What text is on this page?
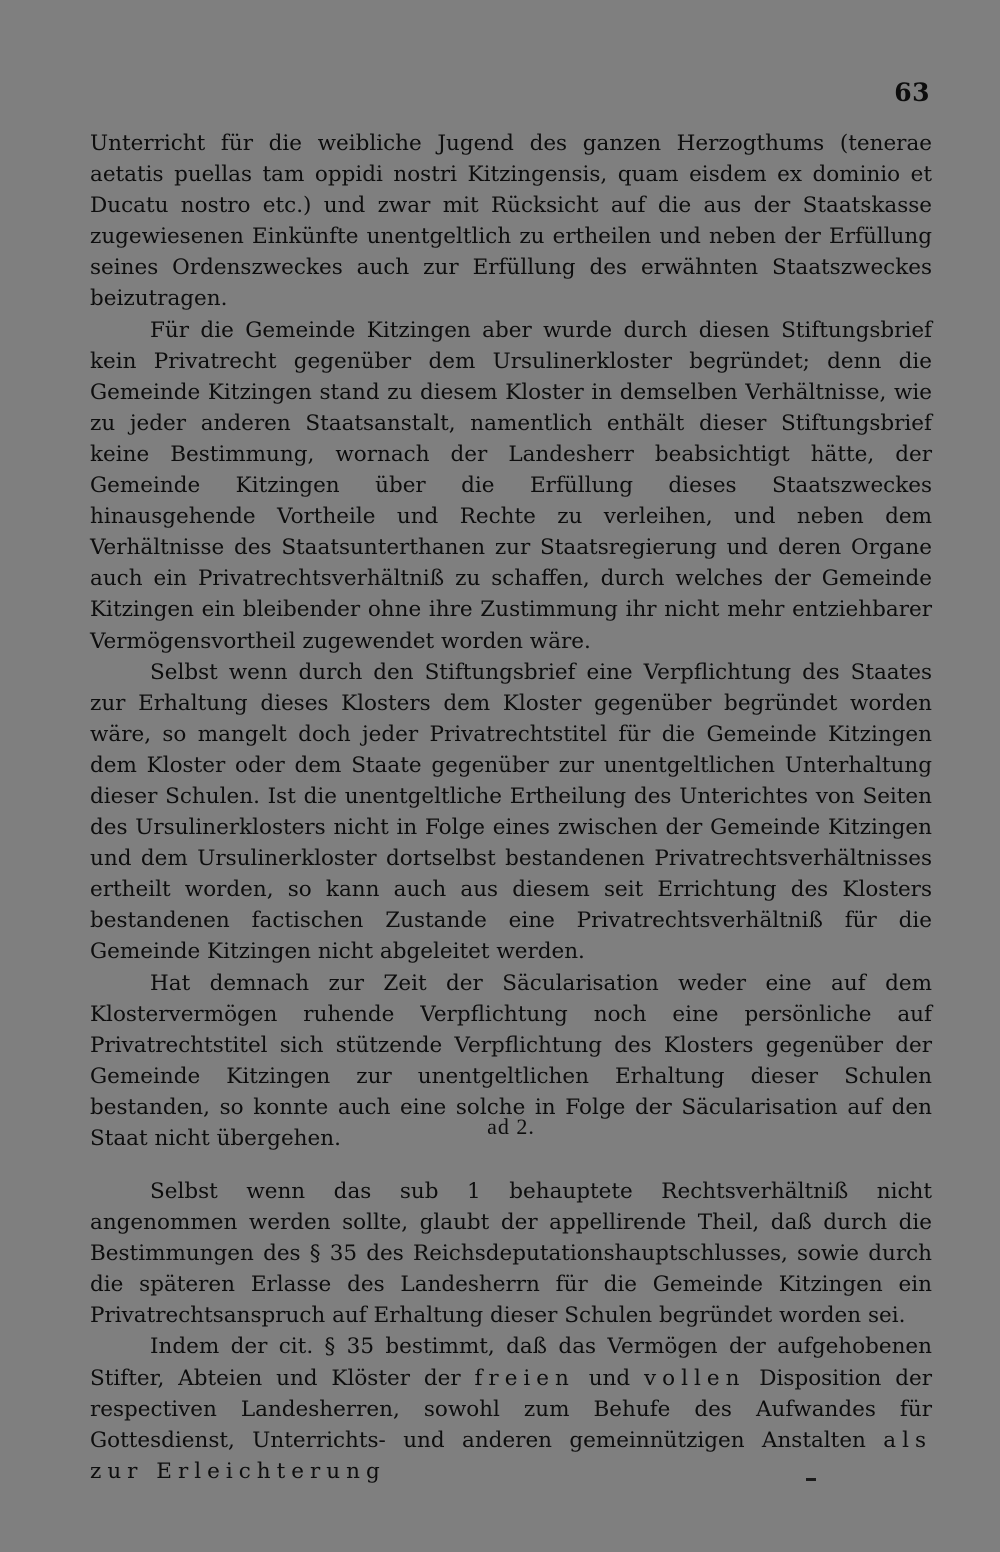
63

Unterricht für die weibliche Jugend des ganzen Herzogthums (tenerae aetatis puellas tam oppidi nostri Kitzingensis, quam eisdem ex dominio et Ducatu nostro etc.) und zwar mit Rücksicht auf die aus der Staatskasse zugewiesenen Einkünfte unentgeltlich zu ertheilen und neben der Erfüllung seines Ordenszweckes auch zur Erfüllung des erwähnten Staatszweckes beizutragen.

Für die Gemeinde Kitzingen aber wurde durch diesen Stiftungsbrief kein Privatrecht gegenüber dem Ursulinerkloster begründet; denn die Gemeinde Kitzingen stand zu diesem Kloster in demselben Verhältnisse, wie zu jeder anderen Staatsanstalt, namentlich enthält dieser Stiftungsbrief keine Bestimmung, wornach der Landesherr beabsichtigt hätte, der Gemeinde Kitzingen über die Erfüllung dieses Staatszweckes hinausgehende Vortheile und Rechte zu verleihen, und neben dem Verhältnisse des Staatsunterthanen zur Staatsregierung und deren Organe auch ein Privatrechtsverhältniß zu schaffen, durch welches der Gemeinde Kitzingen ein bleibender ohne ihre Zustimmung ihr nicht mehr entziehbarer Vermögensvortheil zugewendet worden wäre.

Selbst wenn durch den Stiftungsbrief eine Verpflichtung des Staates zur Erhaltung dieses Klosters dem Kloster gegenüber begründet worden wäre, so mangelt doch jeder Privatrechtstitel für die Gemeinde Kitzingen dem Kloster oder dem Staate gegenüber zur unentgeltlichen Unterhaltung dieser Schulen. Ist die unentgeltliche Ertheilung des Unterichtes von Seiten des Ursulinerklosters nicht in Folge eines zwischen der Gemeinde Kitzingen und dem Ursulinerkloster dortselbst bestandenen Privatrechtsverhältnisses ertheilt worden, so kann auch aus diesem seit Errichtung des Klosters bestandenen factischen Zustande eine Privatrechtsverhältniß für die Gemeinde Kitzingen nicht abgeleitet werden.

Hat demnach zur Zeit der Säcularisation weder eine auf dem Klostervermögen ruhende Verpflichtung noch eine persönliche auf Privatrechtstitel sich stützende Verpflichtung des Klosters gegenüber der Gemeinde Kitzingen zur unentgeltlichen Erhaltung dieser Schulen bestanden, so konnte auch eine solche in Folge der Säcularisation auf den Staat nicht übergehen.	ad 2.

Selbst wenn das sub 1 behauptete Rechtsverhältniß nicht angenommen werden sollte, glaubt der appellirende Theil, daß durch die Bestimmungen des § 35 des Reichsdeputationshauptschlusses, sowie durch die späteren Erlasse des Landesherrn für die Gemeinde Kitzingen ein Privatrechtsanspruch auf Erhaltung dieser Schulen begründet worden sei.

Indem der cit. § 35 bestimmt, daß das Vermögen der aufgehobenen Stifter, Abteien und Klöster der freien und vollen Disposition der respectiven Landesherren, sowohl zum Behufe des Aufwandes für Gottesdienst, Unterrichts- und anderen gemeinnützigen Anstalten als zur Erleichterung
